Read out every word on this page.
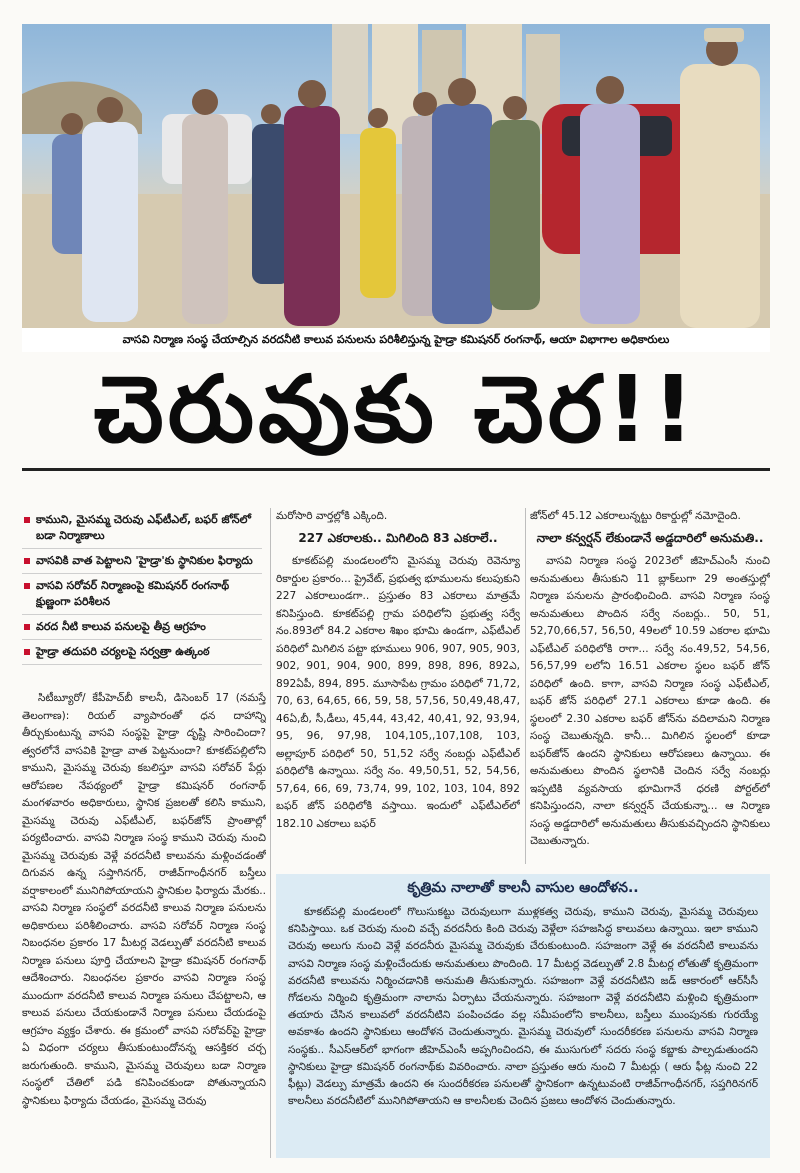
వాసవి నిర్మాణ సంస్థ చేయాల్సిన వరదనీటి కాలువ పనులను పరిశీలిస్తున్న హైడ్రా కమిషనర్ రంగనాథ్, ఆయా విభాగాల అధికారులు
చెరువుకు చెర!!
కాముని, మైసమ్మ చెరువు ఎఫ్‌టీఎల్, బఫర్ జోన్‌లో బడా నిర్మాణాలు
వాసవికి వాత పెట్టాలని 'హైడ్రా'కు స్థానికుల ఫిర్యాదు
వాసవి సరోవర్ నిర్మాణంపై కమిషనర్ రంగనాథ్ క్షుణ్ణంగా పరిశీలన
వరద నీటి కాలువ పనులపై తీవ్ర ఆగ్రహం
హైడ్రా తదుపరి చర్యలపై సర్వత్రా ఉత్కంఠ

సిటీబ్యూరో/ కేపీహెచ్‌బీ కాలనీ, డిసెంబర్ 17 (నమస్తే తెలంగాణ): రియల్ వ్యాపారంతో ధన దాహాన్ని తీర్చుకుంటున్న వాసవి సంస్థపై హైడ్రా దృష్టి సారించిందా? త్వరలోనే వాసవికి హైడ్రా వాత పెట్టనుందా? కూకట్‌పల్లిలోని కాముని, మైసమ్మ చెరువు కబలిస్తూ వాసవి సరోవర్ పేర్లు ఆరోపణల నేపథ్యంలో హైడ్రా కమిషనర్ రంగనాథ్ మంగళవారం అధికారులు, స్థానిక ప్రజలతో కలిసి కాముని, మైసమ్మ చెరువు ఎఫ్‌టీఎల్, బఫర్‌జోన్ ప్రాంతాల్లో పర్యటించారు. వాసవి నిర్మాణ సంస్థ కాముని చెరువు నుంచి మైసమ్మ చెరువుకు వెళ్లే వరదనీటి కాలువను మళ్లించడంతో దిగువన ఉన్న సప్తాగినగర్, రాజీవ్‌గాంధీనగర్ బస్తీలు వర్షాకాలంలో మునిగిపోయాయని స్థానికుల ఫిర్యాదు మేరకు.. వాసవి నిర్మాణ సంస్థలో వరదనీటి కాలువ నిర్మాణ పనులను అధికారులు పరిశీలించారు. వాసవి సరోవర్ నిర్మాణ సంస్థ నిబంధనల ప్రకారం 17 మీటర్ల వెడల్పుతో వరదనీటి కాలువ నిర్మాణ పనులు పూర్తి చేయాలని హైడ్రా కమిషనర్ రంగనాథ్ ఆదేశించారు. నిబంధనల ప్రకారం వాసవి నిర్మాణ సంస్థ ముందుగా వరదనీటి కాలువ నిర్మాణ పనులు చేపట్టాలని, ఆ కాలువ పనులు చేయకుండానే నిర్మాణ పనులు చేయడంపై ఆగ్రహం వ్యక్తం చేశారు. ఈ క్రమంలో వాసవి సరోవర్‌పై హైడ్రా ఏ విధంగా చర్యలు తీసుకుంటుందోనన్న ఆసక్తికర చర్చ జరుగుతుంది. కాముని, మైసమ్మ చెరువులు బడా నిర్మాణ సంస్థలో చేతిలో పడి కనిపించకుండా పోతున్నాయని స్థానికులు ఫిర్యాదు చేయడం, మైసమ్మ చెరువు

మరోసారి వార్తల్లోకి ఎక్కింది.

227 ఎకరాలకు.. మిగిలింది 83 ఎకరాలే..

కూకట్‌పల్లి మండలంలోని మైసమ్మ చెరువు రెవెన్యూ రికార్డుల ప్రకారం... ప్రైవేట్, ప్రభుత్వ భూములను కలుపుకుని 227 ఎకరాలుండగా.. ప్రస్తుతం 83 ఎకరాలు మాత్రమే కనిపిస్తుంది. కూకట్‌పల్లి గ్రామ పరిధిలోని ప్రభుత్వ సర్వే నం.893లో 84.2 ఎకరాల శిఖం భూమి ఉండగా, ఎఫ్‌టీఎల్ పరిధిలో మిగిలిన పట్టా భూములు 906, 907, 905, 903, 902, 901, 904, 900, 899, 898, 896, 892ఎ, 892ఏపీ, 894, 895. మూసాపేట గ్రామం పరిధిలో 71,72, 70, 63, 64,65, 66, 59, 58, 57,56, 50,49,48,47, 46ఏ,బీ, సీ,డీలు, 45,44, 43,42, 40,41, 92, 93,94, 95, 96, 97,98, 104,105,,107,108, 103, అల్లాపూర్ పరిధిలో 50, 51,52 సర్వే నంబర్లు ఎఫ్‌టీఎల్ పరిధిలోకి ఉన్నాయి. సర్వే నం. 49,50,51, 52, 54,56, 57,64, 66, 69, 73,74, 99, 102, 103, 104, 892 బఫర్ జోన్ పరిధిలోకి వస్తాయి. ఇందులో ఎఫ్‌టీఎల్‌లో 182.10 ఎకరాలు బఫర్

జోన్‌లో 45.12 ఎకరాలున్నట్టు రికార్డుల్లో నమోదైంది.

నాలా కన్వర్షన్ లేకుండానే అడ్డదారిలో అనుమతి..

వాసవి నిర్మాణ సంస్థ 2023లో జీహెచ్‌ఎంసీ నుంచి అనుమతులు తీసుకుని 11 బ్లాక్‌లుగా 29 అంతస్తుల్లో నిర్మాణ పనులను ప్రారంభించింది. వాసవి నిర్మాణ సంస్థ అనుమతులు పొందిన సర్వే నంబర్లు.. 50, 51, 52,70,66,57, 56,50, 49లలో 10.59 ఎకరాల భూమి ఎఫ్‌టీఎల్ పరిధిలోకి రాగా... సర్వే నం.49,52, 54,56, 56,57,99 లలోని 16.51 ఎకరాల స్థలం బఫర్ జోన్ పరిధిలో ఉంది. కాగా, వాసవి నిర్మాణ సంస్థ ఎఫ్‌టీఎల్, బఫర్ జోన్ పరిధిలో 27.1 ఎకరాలు కూడా ఉంది. ఈ స్థలంలో 2.30 ఎకరాల బఫర్ జోన్‌ను వదిలామని నిర్మాణ సంస్థ చెబుతున్నది. కానీ... మిగిలిన స్థలంలో కూడా బఫర్‌జోన్ ఉందని స్థానికులు ఆరోపణలు ఉన్నాయి. ఈ అనుమతులు పొందిన స్థలానికి చెందిన సర్వే నంబర్లు ఇప్పటికి వ్యవసాయ భూమిగానే ధరణి పోర్టల్‌లో కనిపిస్తుందని, నాలా కన్వర్షన్ చేయకున్నా... ఆ నిర్మాణ సంస్థ అడ్డదారిలో అనుమతులు తీసుకువచ్చిందని స్థానికులు చెబుతున్నారు.

కృత్రిమ నాలాతో కాలనీ వాసుల ఆందోళన..

కూకట్‌పల్లి మండలంలో గొలుసుకట్టు చెరువులుగా ముళ్లకత్వ చెరువు, కాముని చెరువు, మైసమ్మ చెరువులు కనిపిస్తాయి. ఒక చెరువు నుంచి వచ్చే వరదనీరు కింది చెరువు వెళ్లేలా సహజసిద్ధ కాలువలు ఉన్నాయి. ఇలా కాముని చెరువు అలుగు నుంచి వెళ్లే వరదనీరు మైసమ్మ చెరువుకు చేరుకుంటుంది. సహజంగా వెళ్లే ఈ వరదనీటి కాలువను వాసవి నిర్మాణ సంస్థ మళ్లించేందుకు అనుమతులు పొందింది. 17 మీటర్ల వెడల్పుతో 2.8 మీటర్ల లోతుతో కృత్రిమంగా వరదనీటి కాలువను నిర్మించడానికి అనుమతి తీసుకున్నారు. సహజంగా వెళ్లే వరదనీటిని జడ్ ఆకారంలో ఆర్‌సీసీ గోడలను నిర్మించి కృత్రిమంగా నాలాను ఏర్పాటు చేయనున్నారు. సహజంగా వెళ్లే వరదనీటిని మళ్లించి కృత్రిమంగా తయారు చేసిన కాలువలో వరదనీటిని పంపించడం వల్ల సమీపంలోని కాలనీలు, బస్తీలు ముంపునకు గురయ్యే అవకాశం ఉందని స్థానికులు ఆందోళన చెందుతున్నారు. మైసమ్మ చెరువులో సుందరీకరణ పనులను వాసవి నిర్మాణ సంస్థకు.. సీఎస్‌ఆర్‌లో భాగంగా జీహెచ్‌ఎంసీ అప్పగించిందని, ఈ ముసుగులో సదరు సంస్థ కబ్జాకు పాల్పడుతుందని స్థానికులు హైడ్రా కమిషనర్ రంగనాథ్‌కు వివరించారు. నాలా ప్రస్తుతం ఆరు నుంచి 7 మీటర్లు ( ఆరు ఫీట్ల నుంచి 22 ఫీట్లు) వెడల్పు మాత్రమే ఉందని ఈ సుందరీకరణ పనులతో స్థానికంగా ఉన్నటువంటి రాజీవ్‌గాంధీనగర్, సప్తగిరినగర్ కాలనీలు వరదనీటిలో మునిగిపోతాయని ఆ కాలనీలకు చెందిన ప్రజలు ఆందోళన చెందుతున్నారు.
